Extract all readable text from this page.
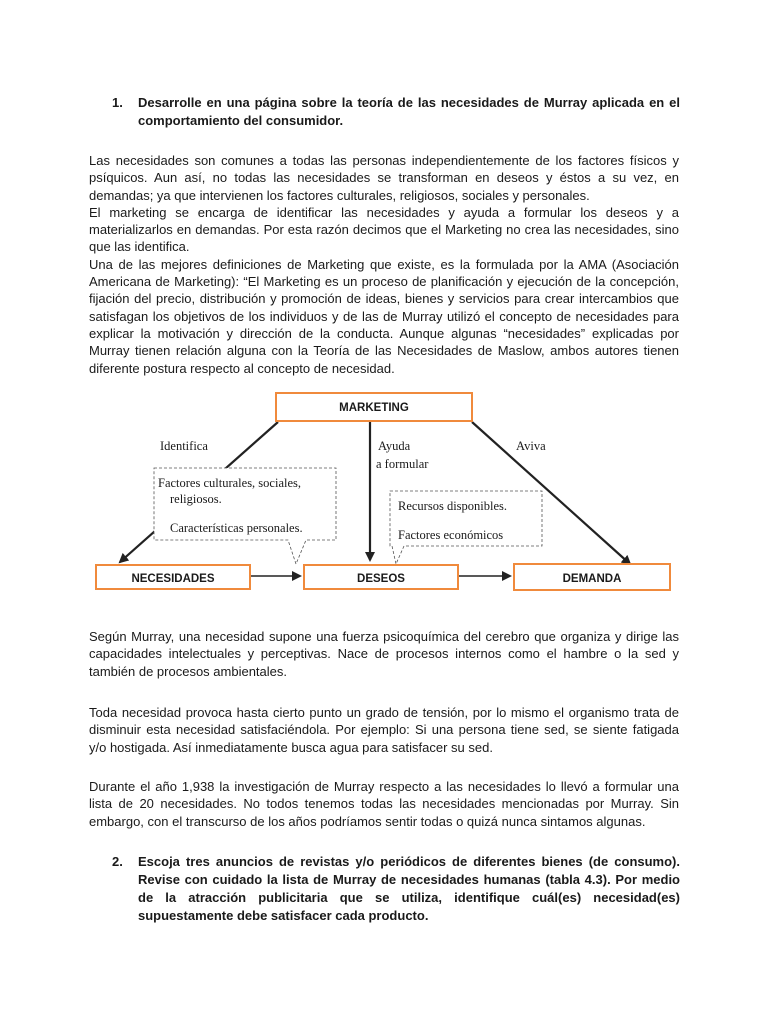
1. Desarrolle en una página sobre la teoría de las necesidades de Murray aplicada en el comportamiento del consumidor.
Las necesidades son comunes a todas las personas independientemente de los factores físicos y psíquicos. Aun así, no todas las necesidades se transforman en deseos y éstos a su vez, en demandas; ya que intervienen los factores culturales, religiosos, sociales y personales.
El marketing se encarga de identificar las necesidades y ayuda a formular los deseos y a materializarlos en demandas. Por esta razón decimos que el Marketing no crea las necesidades, sino que las identifica.
Una de las mejores definiciones de Marketing que existe, es la formulada por la AMA (Asociación Americana de Marketing): “El Marketing es un proceso de planificación y ejecución de la concepción, fijación del precio, distribución y promoción de ideas, bienes y servicios para crear intercambios que satisfagan los objetivos de los individuos y de las de Murray utilizó el concepto de necesidades para explicar la motivación y dirección de la conducta. Aunque algunas “necesidades” explicadas por Murray tienen relación alguna con la Teoría de las Necesidades de Maslow, ambos autores tienen diferente postura respecto al concepto de necesidad.
MARKETING
Factores culturales, sociales,
religiosos.
Características personales.
Recursos disponibles.
Factores económicos
Identifica	Ayuda
a formular
Aviva
NECESIDADES	DESEOS	DEMANDA
Según Murray, una necesidad supone una fuerza psicoquímica del cerebro que organiza y dirige las capacidades intelectuales y perceptivas. Nace de procesos internos como el hambre o la sed y también de procesos ambientales.
Toda necesidad provoca hasta cierto punto un grado de tensión, por lo mismo el organismo trata de disminuir esta necesidad satisfaciéndola. Por ejemplo: Si una persona tiene sed, se siente fatigada y/o hostigada. Así inmediatamente busca agua para satisfacer su sed.
Durante el año 1,938 la investigación de Murray respecto a las necesidades lo llevó a formular una lista de 20 necesidades. No todos tenemos todas las necesidades mencionadas por Murray. Sin embargo, con el transcurso de los años podríamos sentir todas o quizá nunca sintamos algunas.
2. Escoja tres anuncios de revistas y/o periódicos de diferentes bienes (de consumo). Revise con cuidado la lista de Murray de necesidades humanas (tabla 4.3). Por medio de la atracción publicitaria que se utiliza, identifique cuál(es) necesidad(es) supuestamente debe satisfacer cada producto.
